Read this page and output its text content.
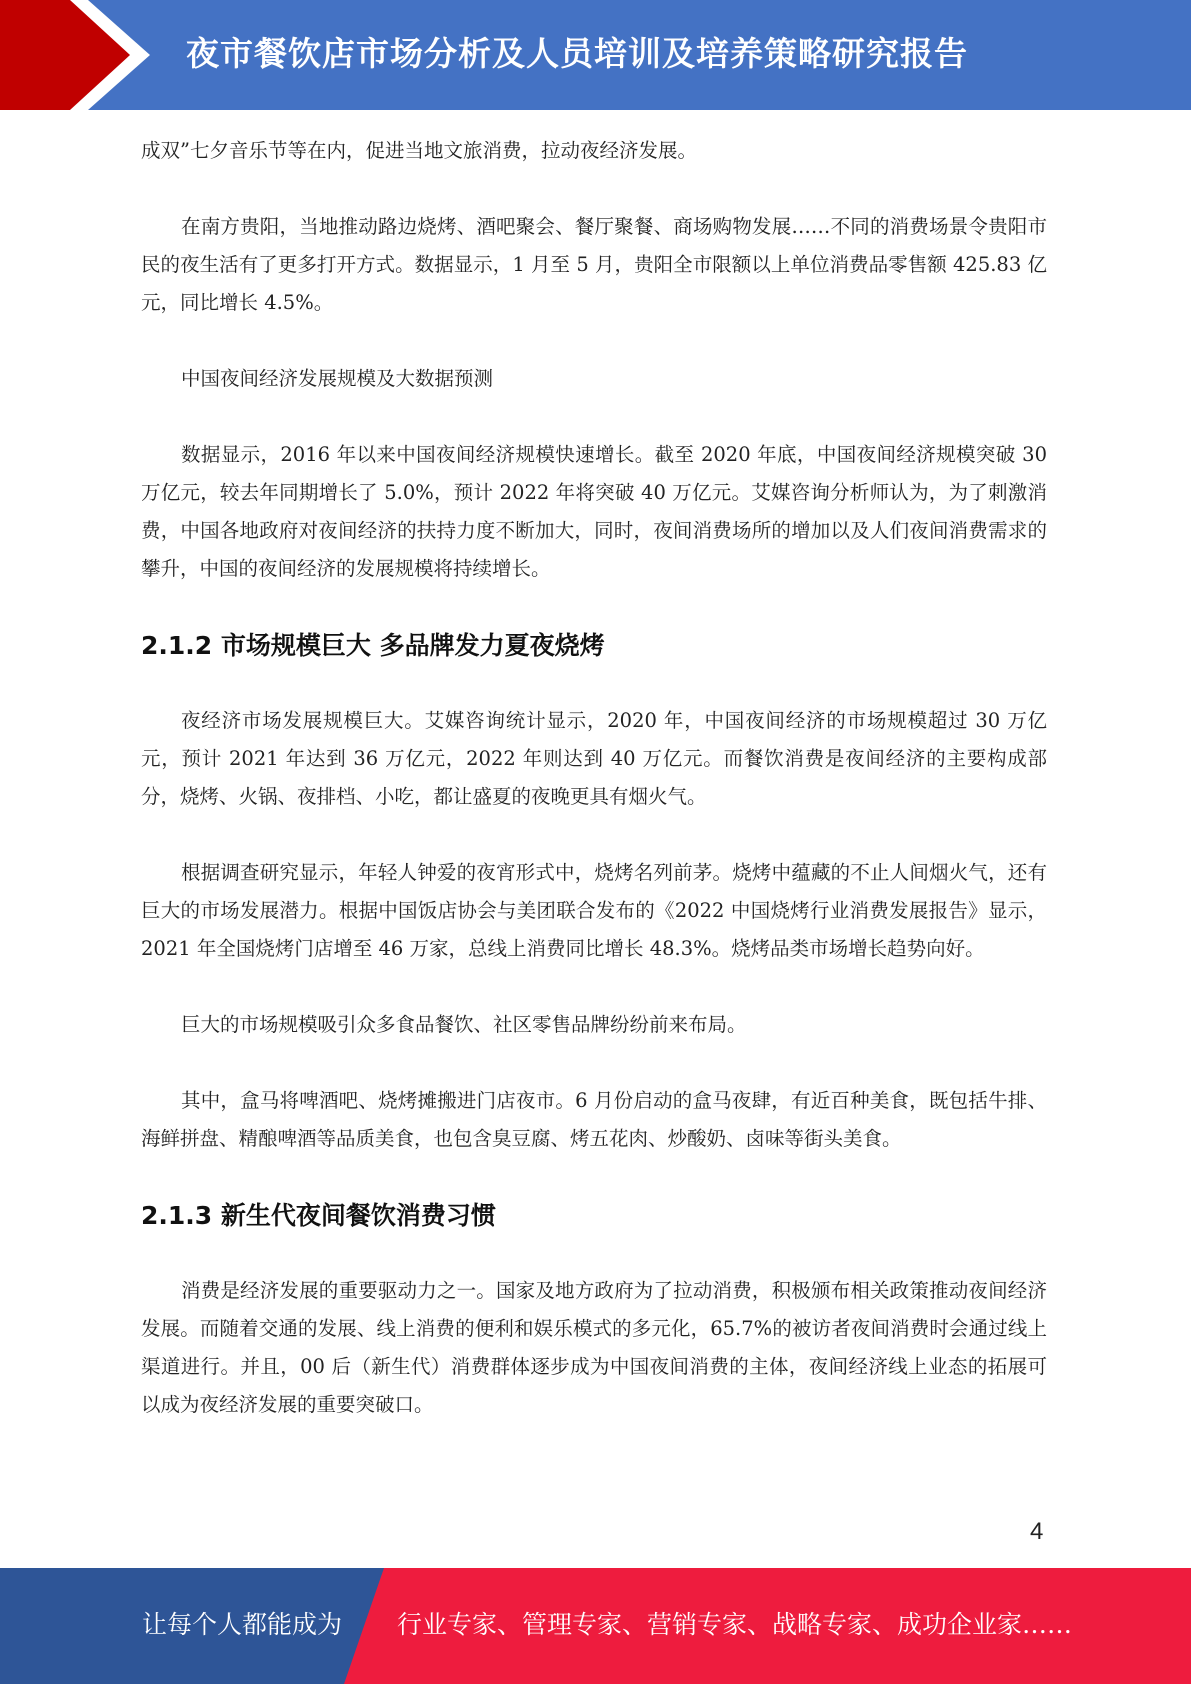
夜市餐饮店市场分析及人员培训及培养策略研究报告

成双”七夕音乐节等在内，促进当地文旅消费，拉动夜经济发展。

在南方贵阳，当地推动路边烧烤、酒吧聚会、餐厅聚餐、商场购物发展……不同的消费场景令贵阳市民的夜生活有了更多打开方式。数据显示，1 月至 5 月，贵阳全市限额以上单位消费品零售额 425.83 亿元，同比增长 4.5%。

中国夜间经济发展规模及大数据预测

数据显示，2016 年以来中国夜间经济规模快速增长。截至 2020 年底，中国夜间经济规模突破 30 万亿元，较去年同期增长了 5.0%，预计 2022 年将突破 40 万亿元。艾媒咨询分析师认为，为了刺激消费，中国各地政府对夜间经济的扶持力度不断加大，同时，夜间消费场所的增加以及人们夜间消费需求的攀升，中国的夜间经济的发展规模将持续增长。

2.1.2 市场规模巨大 多品牌发力夏夜烧烤

夜经济市场发展规模巨大。艾媒咨询统计显示，2020 年，中国夜间经济的市场规模超过 30 万亿元，预计 2021 年达到 36 万亿元，2022 年则达到 40 万亿元。而餐饮消费是夜间经济的主要构成部分，烧烤、火锅、夜排档、小吃，都让盛夏的夜晚更具有烟火气。

根据调查研究显示，年轻人钟爱的夜宵形式中，烧烤名列前茅。烧烤中蕴藏的不止人间烟火气，还有巨大的市场发展潜力。根据中国饭店协会与美团联合发布的《2022 中国烧烤行业消费发展报告》显示，2021 年全国烧烤门店增至 46 万家，总线上消费同比增长 48.3%。烧烤品类市场增长趋势向好。

巨大的市场规模吸引众多食品餐饮、社区零售品牌纷纷前来布局。

其中，盒马将啤酒吧、烧烤摊搬进门店夜市。6 月份启动的盒马夜肆，有近百种美食，既包括牛排、海鲜拼盘、精酿啤酒等品质美食，也包含臭豆腐、烤五花肉、炒酸奶、卤味等街头美食。

2.1.3 新生代夜间餐饮消费习惯

消费是经济发展的重要驱动力之一。国家及地方政府为了拉动消费，积极颁布相关政策推动夜间经济发展。而随着交通的发展、线上消费的便利和娱乐模式的多元化，65.7%的被访者夜间消费时会通过线上渠道进行。并且，00 后（新生代）消费群体逐步成为中国夜间消费的主体，夜间经济线上业态的拓展可以成为夜经济发展的重要突破口。

4
让每个人都能成为 行业专家、管理专家、营销专家、战略专家、成功企业家……
